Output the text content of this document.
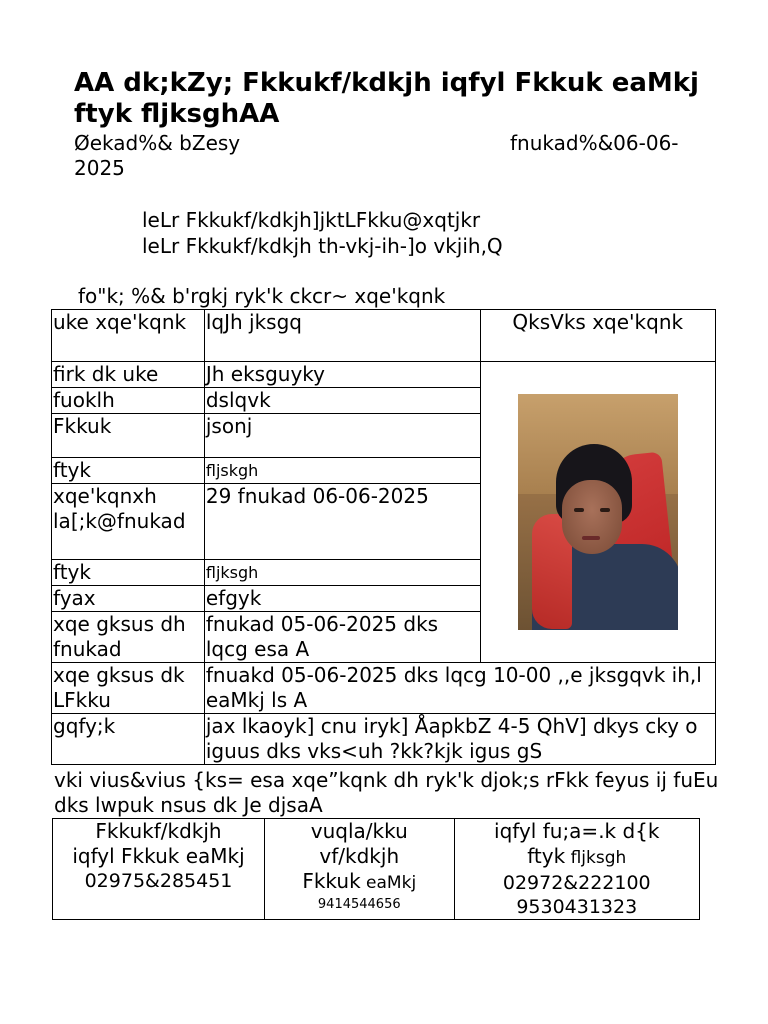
AA dk;kZy; Fkkukf/kdkjh iqfyl Fkkuk eaMkj ftyk fljksghAA
Øekad%& bZesy	fnukad%&06-06-2025
leLr Fkkukf/kdkjh]jktLFkku@xqtjkr
leLr Fkkukf/kdkjh th-vkj-ih-]o vkjih,Q
fo"k; %& b'rgkj ryk'k ckcr~ xqe'kqnk
uke xqe'kqnk	lqJh jksgq	QksVks xqe'kqnk
firk dk uke	Jh eksguyky	

fuoklh	dslqvk	
Fkkuk	jsonj	
ftyk	fljskgh	
xqe'kqnxh la[;k@fnukad	29 fnukad 06-06-2025	
ftyk	fljksgh	
fyax	efgyk	
xqe gksus dh fnukad	fnukad 05-06-2025 dks lqcg esa A	
xqe gksus dk LFkku	fnuakd 05-06-2025 dks lqcg 10-00 ,,e jksgqvk ih,l eaMkj ls A	
gqfy;k	jax lkaoyk] cnu iryk] ÅapkbZ 4-5 QhV] dkys cky o iguus dks vks<uh ?kk?kjk igus gS	
vki vius&vius {ks= esa xqe”kqnk dh ryk'k djok;s rFkk feyus ij fuEu dks lwpuk nsus dk Je djsaA
Fkkukf/kdkjh
iqfyl Fkkuk eaMkj
02975&285451

vuqla/kku
vf/kdkjh
Fkkuk eaMkj
9414544656

iqfyl fu;a=.k d{k
ftyk fljksgh
02972&222100
9530431323
